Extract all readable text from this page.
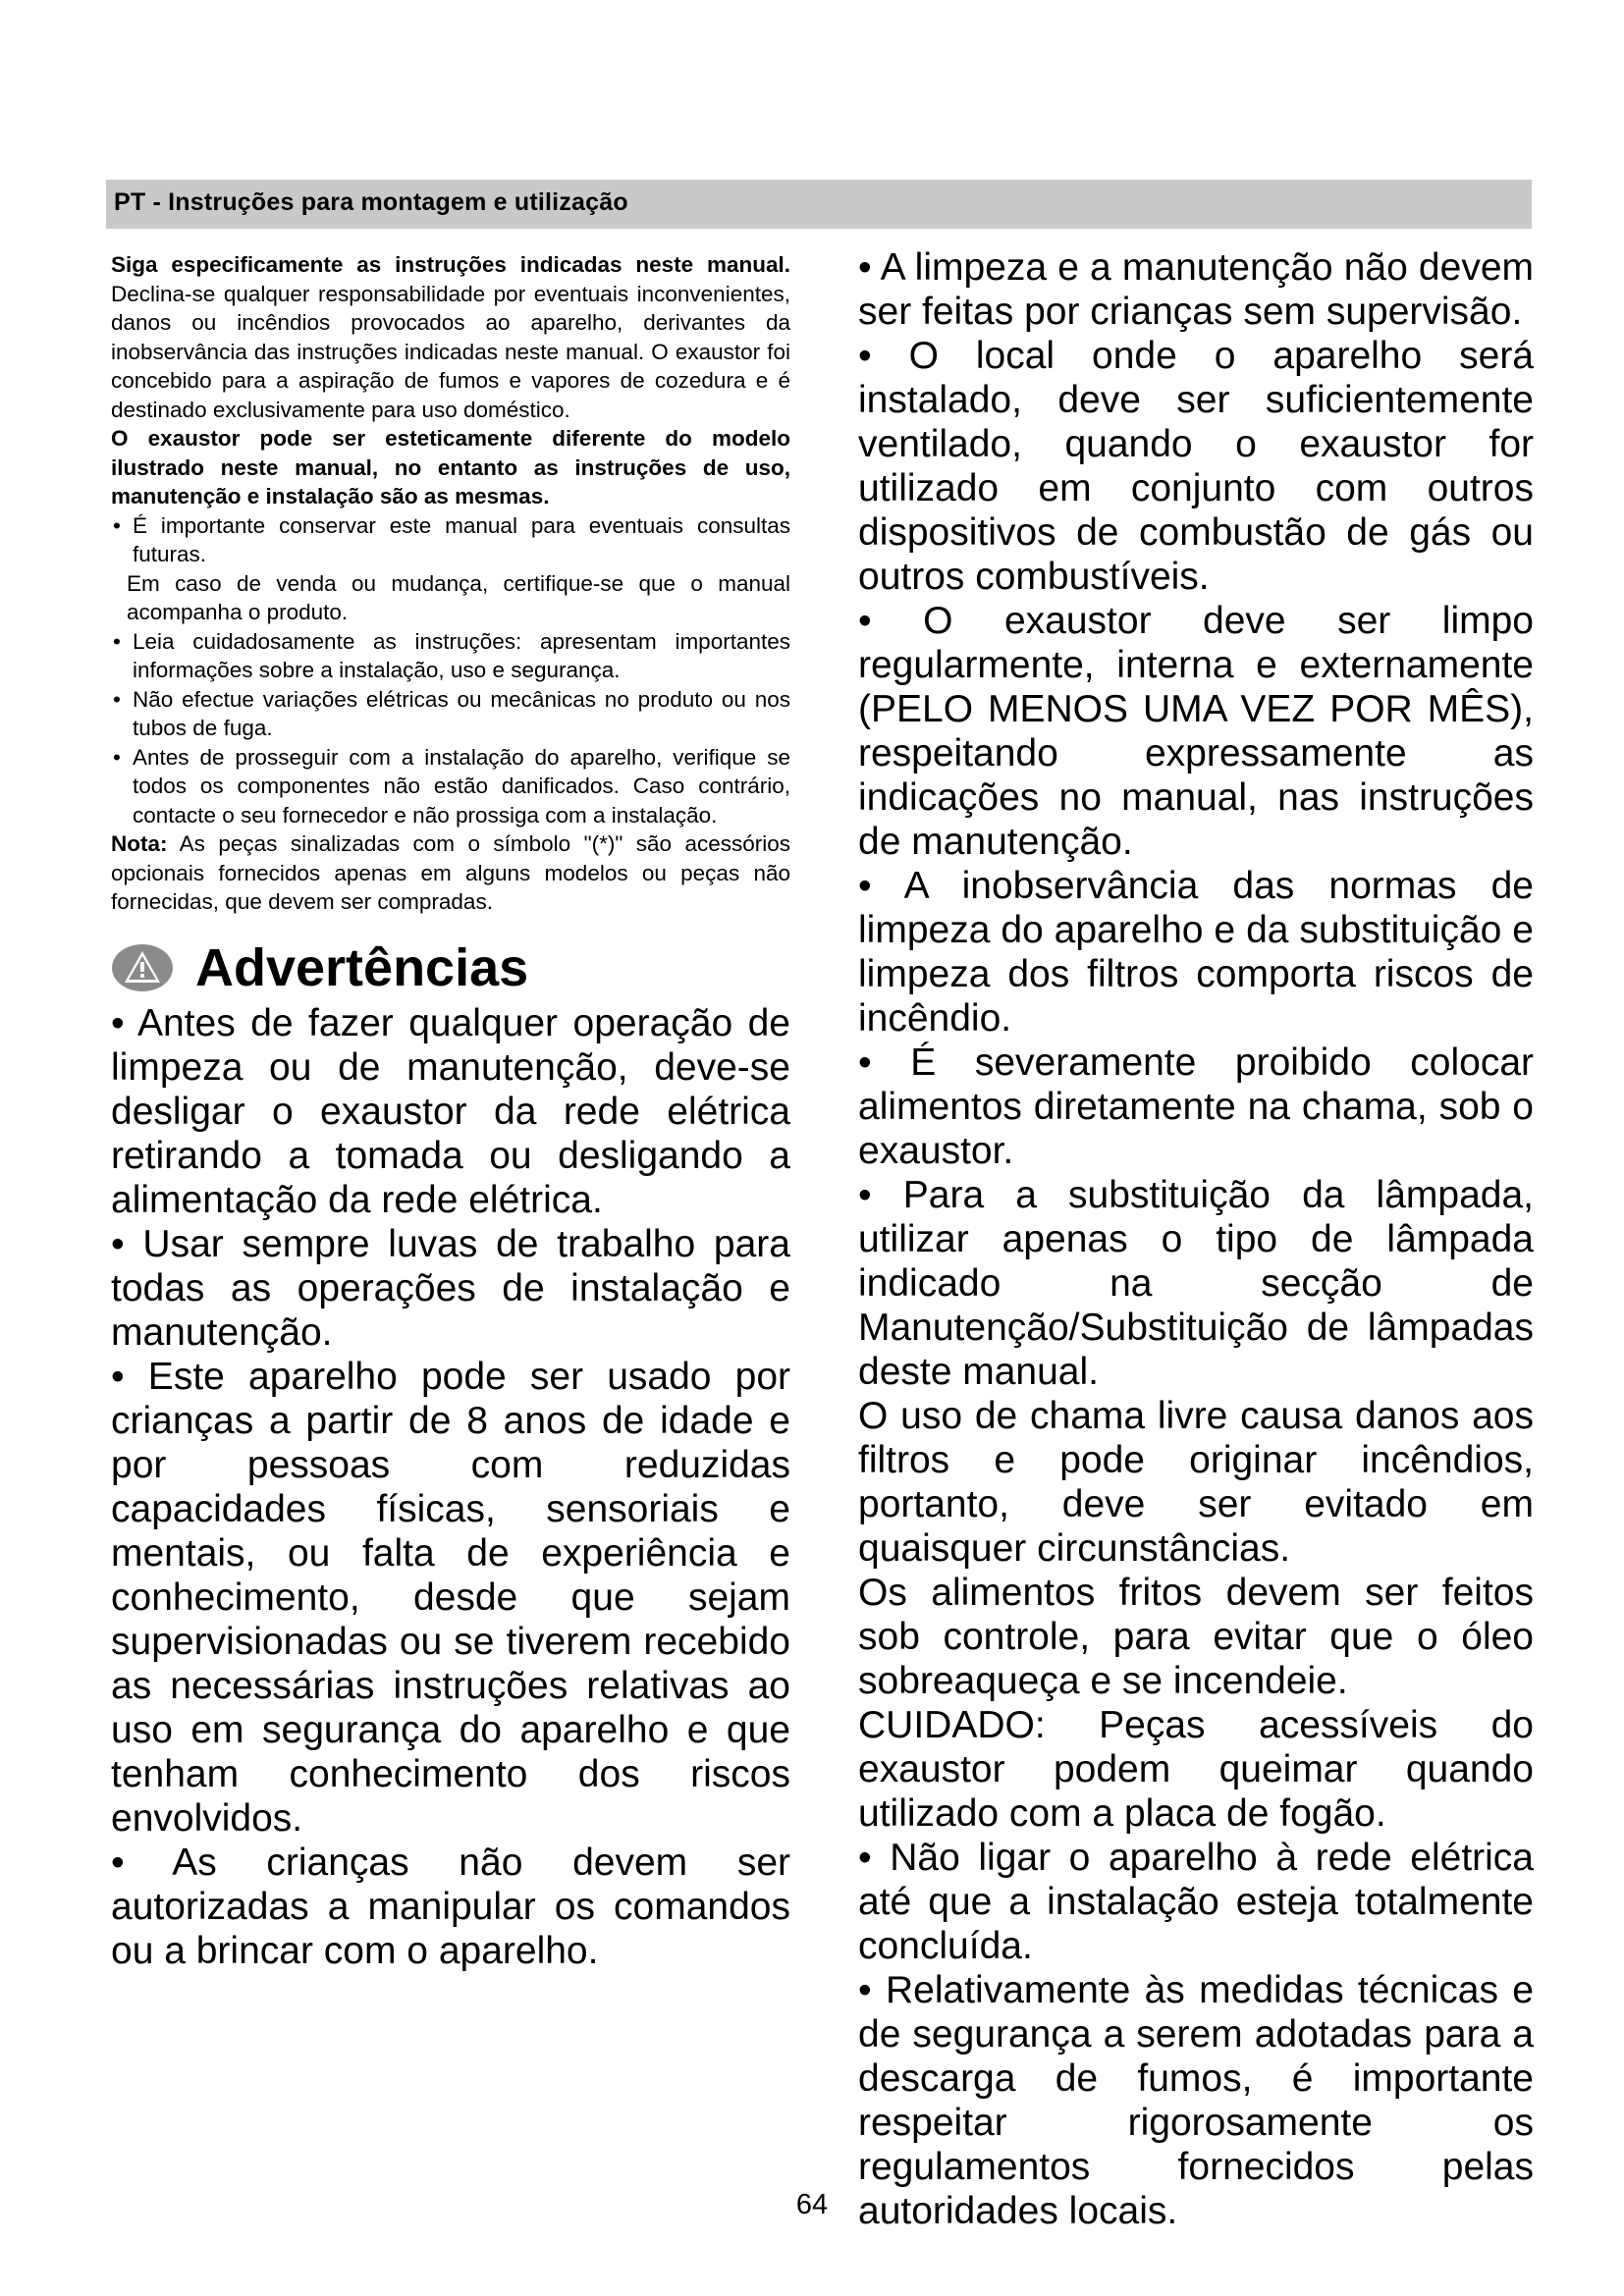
PT - Instruções para montagem e utilização

Siga especificamente as instruções indicadas neste manual. Declina-se qualquer responsabilidade por eventuais inconvenientes, danos ou incêndios provocados ao aparelho, derivantes da inobservância das instruções indicadas neste manual. O exaustor foi concebido para a aspiração de fumos e vapores de cozedura e é destinado exclusivamente para uso doméstico.

O exaustor pode ser esteticamente diferente do modelo ilustrado neste manual, no entanto as instruções de uso, manutenção e instalação são as mesmas.

• É importante conservar este manual para eventuais consultas futuras.

Em caso de venda ou mudança, certifique-se que o manual acompanha o produto.

• Leia cuidadosamente as instruções: apresentam importantes informações sobre a instalação, uso e segurança.

• Não efectue variações elétricas ou mecânicas no produto ou nos tubos de fuga.

• Antes de prosseguir com a instalação do aparelho, verifique se todos os componentes não estão danificados. Caso contrário, contacte o seu fornecedor e não prossiga com a instalação.

Nota: As peças sinalizadas com o símbolo "(*)" são acessórios opcionais fornecidos apenas em alguns modelos ou peças não fornecidas, que devem ser compradas.

Advertências

• Antes de fazer qualquer operação de limpeza ou de manutenção, deve-se desligar o exaustor da rede elétrica retirando a tomada ou desligando a alimentação da rede elétrica.

• Usar sempre luvas de trabalho para todas as operações de instalação e manutenção.

• Este aparelho pode ser usado por crianças a partir de 8 anos de idade e por pessoas com reduzidas capacidades físicas, sensoriais e mentais, ou falta de experiência e conhecimento, desde que sejam supervisionadas ou se tiverem recebido as necessárias instruções relativas ao uso em segurança do aparelho e que tenham conhecimento dos riscos envolvidos.

• As crianças não devem ser autorizadas a manipular os comandos ou a brincar com o aparelho.

• A limpeza e a manutenção não devem ser feitas por crianças sem supervisão.

• O local onde o aparelho será instalado, deve ser suficientemente ventilado, quando o exaustor for utilizado em conjunto com outros dispositivos de combustão de gás ou outros combustíveis.

• O exaustor deve ser limpo regularmente, interna e externamente (PELO MENOS UMA VEZ POR MÊS), respeitando expressamente as indicações no manual, nas instruções de manutenção.

• A inobservância das normas de limpeza do aparelho e da substituição e limpeza dos filtros comporta riscos de incêndio.

• É severamente proibido colocar alimentos diretamente na chama, sob o exaustor.

• Para a substituição da lâmpada, utilizar apenas o tipo de lâmpada indicado na secção de Manutenção/Substituição de lâmpadas deste manual.

O uso de chama livre causa danos aos filtros e pode originar incêndios, portanto, deve ser evitado em quaisquer circunstâncias.

Os alimentos fritos devem ser feitos sob controle, para evitar que o óleo sobreaqueça e se incendeie.

CUIDADO: Peças acessíveis do exaustor podem queimar quando utilizado com a placa de fogão.

• Não ligar o aparelho à rede elétrica até que a instalação esteja totalmente concluída.

• Relativamente às medidas técnicas e de segurança a serem adotadas para a descarga de fumos, é importante respeitar rigorosamente os regulamentos fornecidos pelas autoridades locais.

64
